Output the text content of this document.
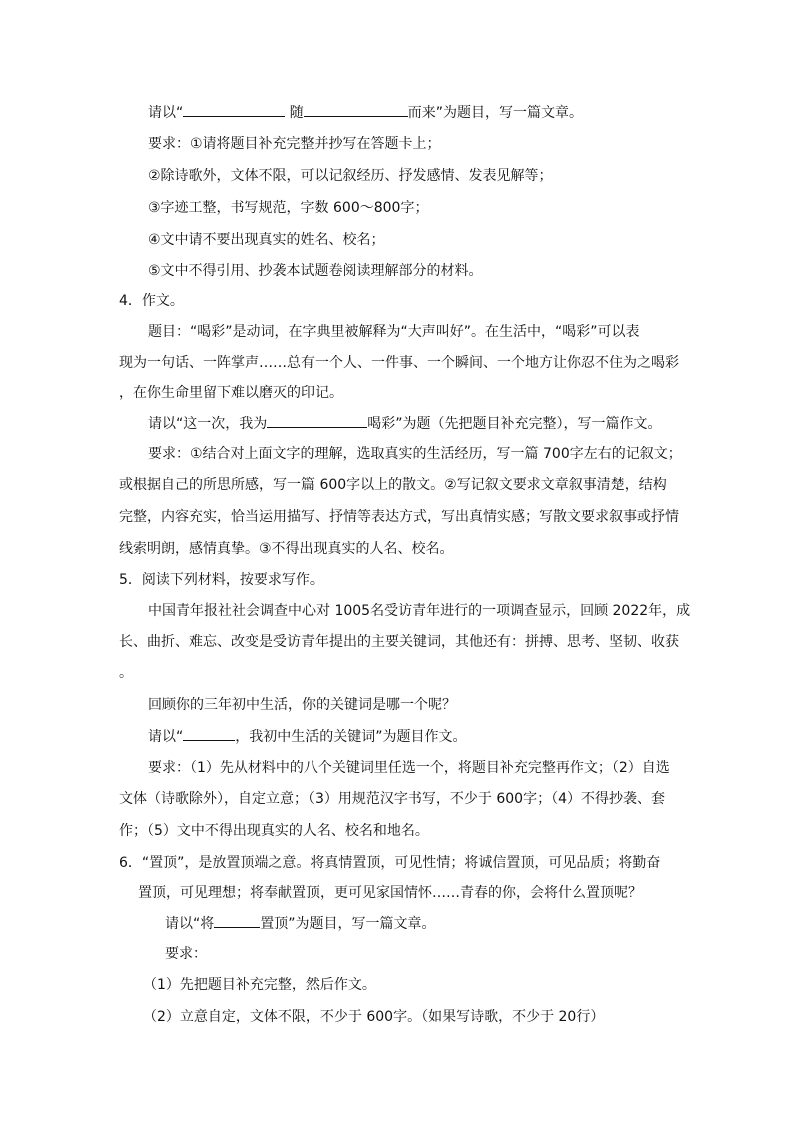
请以“	随	而来”为题目，写一篇文章。
要求：①请将题目补充完整并抄写在答题卡上；
②除诗歌外，文体不限，可以记叙经历、抒发感情、发表见解等；
③字迹工整，书写规范，字数 600～800字；
④文中请不要出现真实的姓名、校名；
⑤文中不得引用、抄袭本试题卷阅读理解部分的材料。
4．作文。
题目：“喝彩”是动词，在字典里被解释为“大声叫好”。在生活中，“喝彩”可以表
现为一句话、一阵掌声……总有一个人、一件事、一个瞬间、一个地方让你忍不住为之喝彩
，在你生命里留下难以磨灭的印记。
请以“这一次，我为	喝彩”为题（先把题目补充完整），写一篇作文。
要求：①结合对上面文字的理解，选取真实的生活经历，写一篇 700字左右的记叙文；
或根据自己的所思所感，写一篇 600字以上的散文。②写记叙文要求文章叙事清楚，结构
完整，内容充实，恰当运用描写、抒情等表达方式，写出真情实感；写散文要求叙事或抒情
线索明朗，感情真挚。③不得出现真实的人名、校名。
5．阅读下列材料，按要求写作。
中国青年报社社会调查中心对 1005名受访青年进行的一项调查显示，回顾 2022年，成
长、曲折、难忘、改变是受访青年提出的主要关键词，其他还有：拼搏、思考、坚韧、收获
。
回顾你的三年初中生活，你的关键词是哪一个呢？
请以“	，我初中生活的关键词”为题目作文。
要求：（1）先从材料中的八个关键词里任选一个，将题目补充完整再作文；（2）自选
文体（诗歌除外），自定立意；（3）用规范汉字书写，不少于 600字；（4）不得抄袭、套
作；（5）文中不得出现真实的人名、校名和地名。
6．“置顶”，是放置顶端之意。将真情置顶，可见性情；将诚信置顶，可见品质；将勤奋
置顶，可见理想；将奉献置顶，更可见家国情怀……青春的你，会将什么置顶呢？
请以“将	置顶”为题目，写一篇文章。
要求：
（1）先把题目补充完整，然后作文。
（2）立意自定，文体不限，不少于 600字。（如果写诗歌，不少于 20行）
